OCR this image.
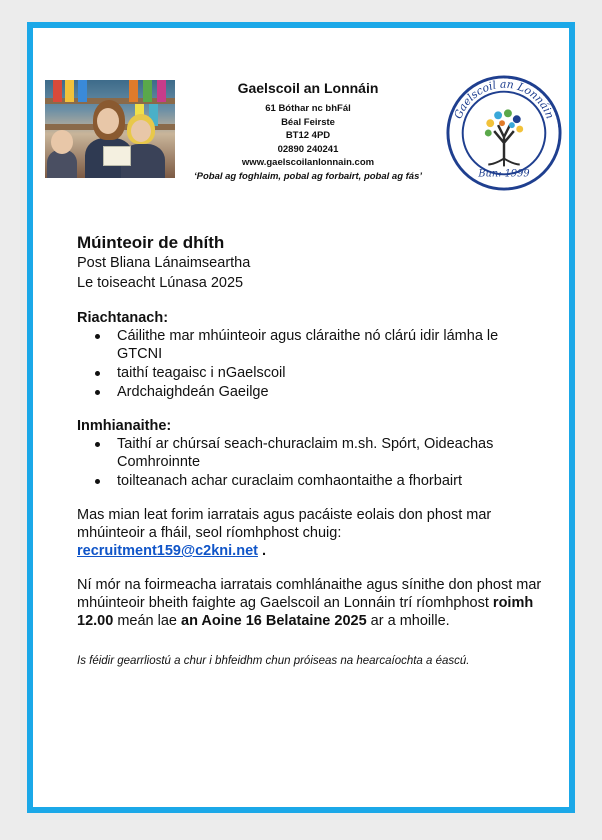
Gaelscoil an Lonnáin
61 Bóthar nc bhFál
Béal Feirste
BT12 4PD
02890 240241
www.gaelscoilanlonnain.com
‘Pobal ag foghlaim, pobal ag forbairt, pobal ag fás’
Gaelscoil an Lonnáin
Bun: 1999
Múinteoir de dhíth
Post Bliana Lánaimseartha
Le toiseacht Lúnasa 2025
Riachtanach:
Cáilithe mar mhúinteoir agus cláraithe nó clárú idir lámha le GTCNI
taithí teagaisc i nGaelscoil
Ardchaighdeán Gaeilge
Inmhianaithe:
Taithí ar chúrsaí seach-churaclaim m.sh. Spórt, Oideachas Comhroinnte
toilteanach achar curaclaim comhaontaithe a fhorbairt
Mas mian leat forim iarratais agus pacáiste eolais don phost mar mhúinteoir a fháil, seol ríomhphost chuig:
recruitment159@c2kni.net .
Ní mór na foirmeacha iarratais comhlánaithe agus sínithe don phost mar mhúinteoir bheith faighte ag Gaelscoil an Lonnáin trí ríomhphost roimh 12.00 meán lae an Aoine 16 Belataine 2025 ar a mhoille.
Is féidir gearrliostú a chur i bhfeidhm chun próiseas na hearcaíochta a éascú.
